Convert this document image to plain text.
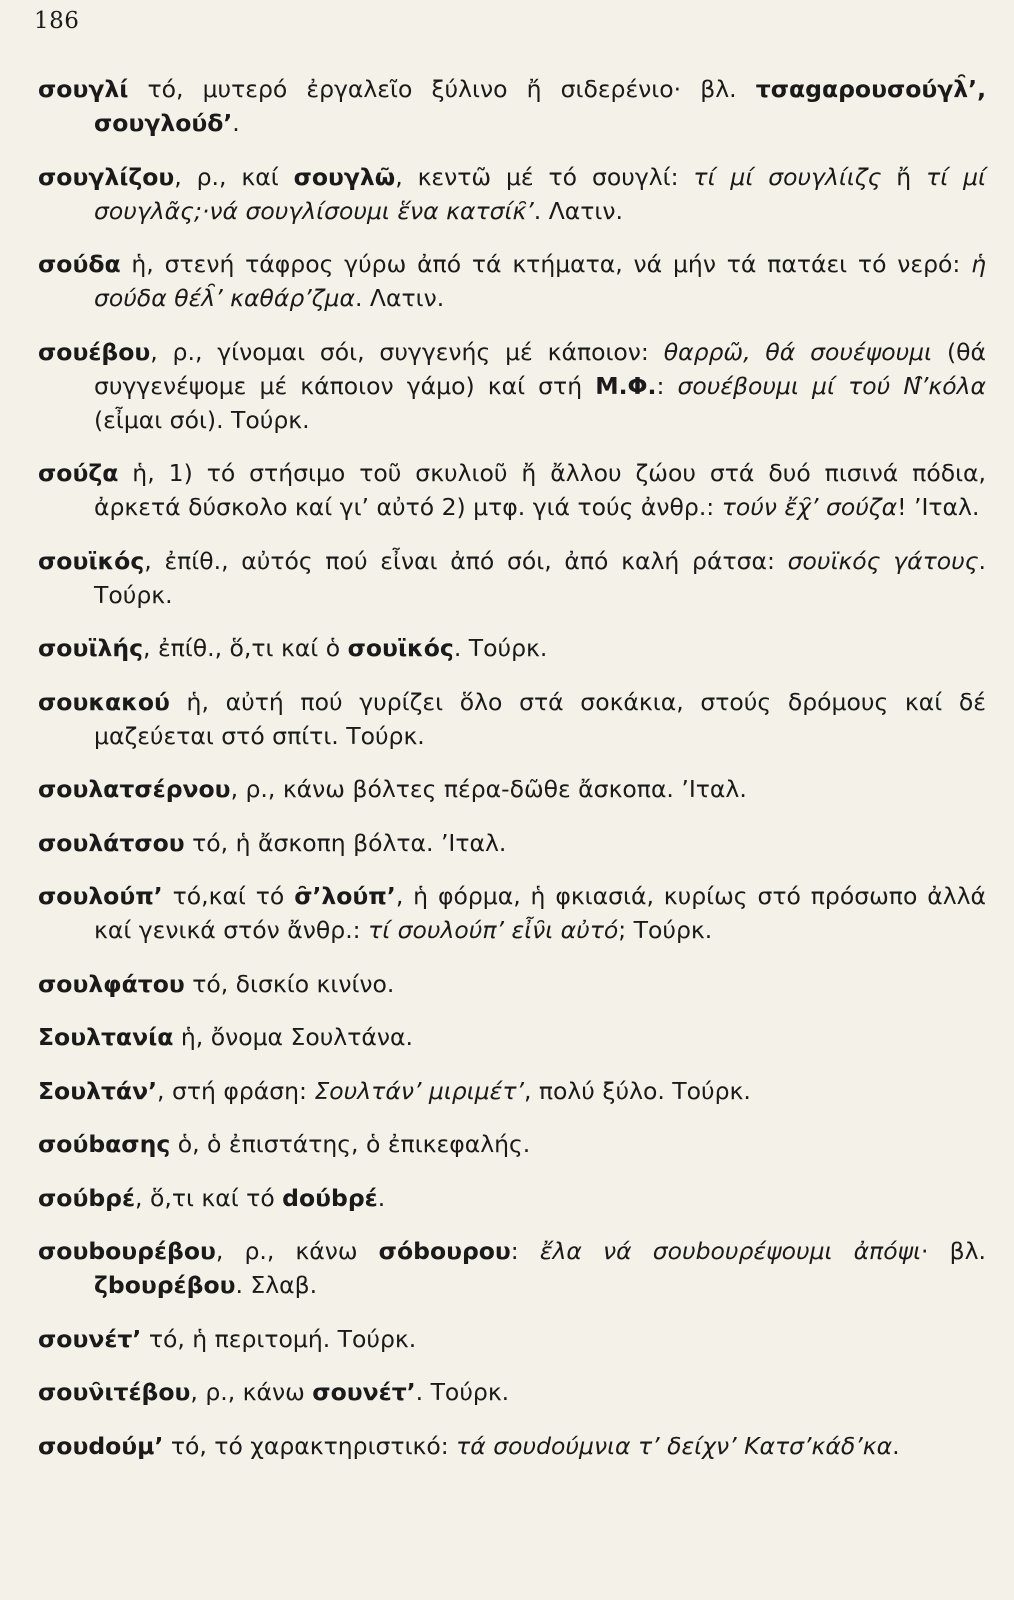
186

σουγλί τό, μυτερό ἐργαλεῖο ξύλινο ἤ σιδερένιο· βλ. τσαgαρουσούγλ̑’, σουγλούδ’.

σουγλίζου, ρ., καί σουγλῶ, κεντῶ μέ τό σουγλί: τί μί σουγλίιζς ἤ τί μί σουγλᾶς;·νά σουγλίσουμι ἕνα κατσίκ̑’. Λατιν.

σούδα ἡ, στενή τάφρος γύρω ἀπό τά κτήματα, νά μήν τά πατάει τό νερό: ἡ σούδα θέλ̑’ καθάρ’ζμα. Λατιν.

σουέβου, ρ., γίνομαι σόι, συγγενής μέ κάποιον: θαρρῶ, θά σουέψουμι (θά συγγενέψομε μέ κάποιον γάμο) καί στή Μ.Φ.: σουέβουμι μί τού Ν̑’κόλα (εἶμαι σόι). Τούρκ.

σούζα ἡ, 1) τό στήσιμο τοῦ σκυλιοῦ ἤ ἄλλου ζώου στά δυό πισινά πόδια, ἀρκετά δύσκολο καί γι’ αὐτό 2) μτφ. γιά τούς ἀνθρ.: τούν ἔχ̑’ σούζα! ’Ιταλ.

σουϊκός, ἐπίθ., αὐτός πού εἶναι ἀπό σόι, ἀπό καλή ράτσα: σουϊκός γάτους. Τούρκ.

σουϊλής, ἐπίθ., ὅ,τι καί ὁ σουϊκός. Τούρκ.

σουκακού ἡ, αὐτή πού γυρίζει ὅλο στά σοκάκια, στούς δρόμους καί δέ μαζεύεται στό σπίτι. Τούρκ.

σουλατσέρνου, ρ., κάνω βόλτες πέρα-δῶθε ἄσκοπα. ’Ιταλ.

σουλάτσου τό, ἡ ἄσκοπη βόλτα. ’Ιταλ.

σουλούπ’ τό,καί τό σ̑’λούπ’, ἡ φόρμα, ἡ φκιασιά, κυρίως στό πρόσωπο ἀλλά καί γενικά στόν ἄνθρ.: τί σουλούπ’ εἶν̑ι αὐτό; Τούρκ.

σουλφάτου τό, δισκίο κινίνο.

Σουλτανία ἡ, ὄνομα Σουλτάνα.

Σουλτάν’, στή φράση: Σουλτάν’ μιριμέτ’, πολύ ξύλο. Τούρκ.

σούbασης ὁ, ὁ ἐπιστάτης, ὁ ἐπικεφαλής.

σούbρέ, ὅ,τι καί τό dούbρέ.

σουbουρέβου, ρ., κάνω σόbουρου: ἔλα νά σουbουρέψουμι ἀπόψι· βλ. ζbουρέβου. Σλαβ.

σουνέτ’ τό, ἡ περιτομή. Τούρκ.

σουν̑ιτέβου, ρ., κάνω σουνέτ’. Τούρκ.

σουdούμ’ τό, τό χαρακτηριστικό: τά σουdούμνια τ’ δείχν’ Κατσ’κάδ’κα.
